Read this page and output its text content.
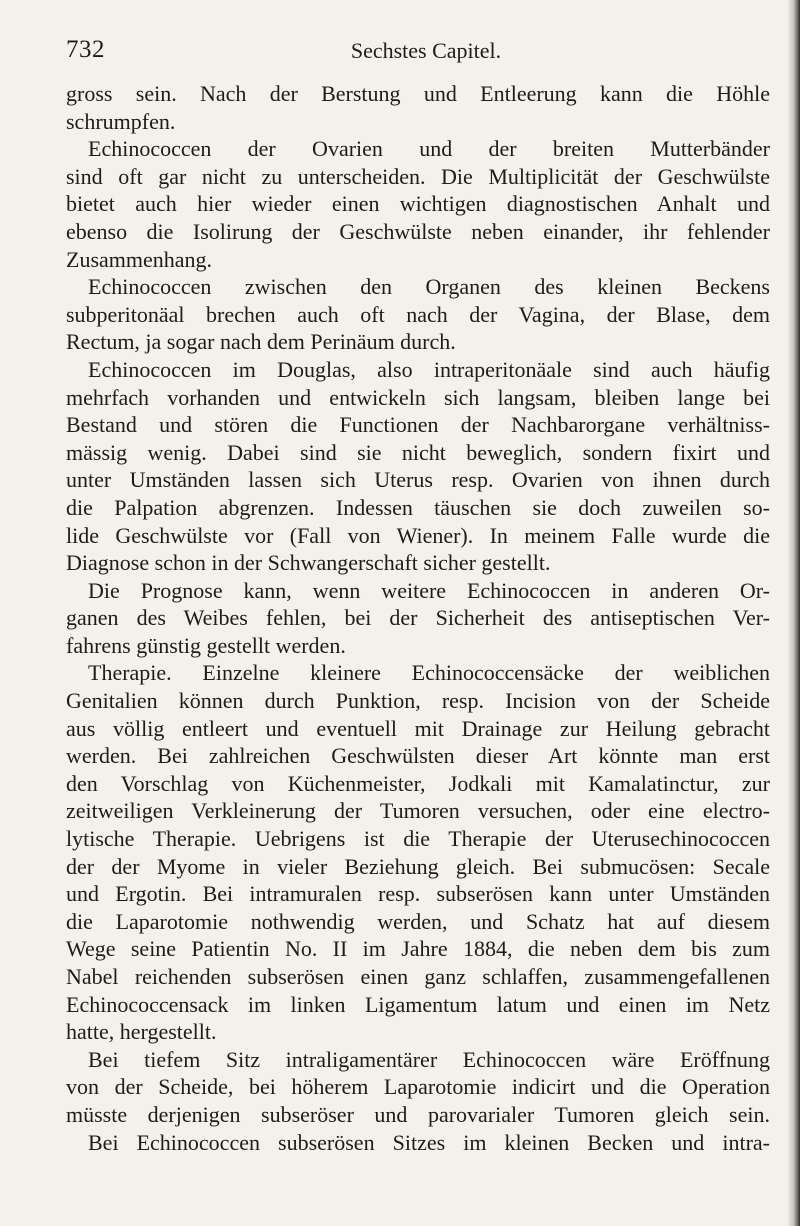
732	Sechstes Capitel.
gross sein. Nach der Berstung und Entleerung kann die Höhle
schrumpfen.
Echinococcen der Ovarien und der breiten Mutterbänder
sind oft gar nicht zu unterscheiden. Die Multiplicität der Geschwülste
bietet auch hier wieder einen wichtigen diagnostischen Anhalt und
ebenso die Isolirung der Geschwülste neben einander, ihr fehlender
Zusammenhang.
Echinococcen zwischen den Organen des kleinen Beckens
subperitonäal brechen auch oft nach der Vagina, der Blase, dem
Rectum, ja sogar nach dem Perinäum durch.
Echinococcen im Douglas, also intraperitonäale sind auch häufig
mehrfach vorhanden und entwickeln sich langsam, bleiben lange bei
Bestand und stören die Functionen der Nachbarorgane verhältniss-
mässig wenig. Dabei sind sie nicht beweglich, sondern fixirt und
unter Umständen lassen sich Uterus resp. Ovarien von ihnen durch
die Palpation abgrenzen. Indessen täuschen sie doch zuweilen so-
lide Geschwülste vor (Fall von Wiener). In meinem Falle wurde die
Diagnose schon in der Schwangerschaft sicher gestellt.
Die Prognose kann, wenn weitere Echinococcen in anderen Or-
ganen des Weibes fehlen, bei der Sicherheit des antiseptischen Ver-
fahrens günstig gestellt werden.
Therapie. Einzelne kleinere Echinococcensäcke der weiblichen
Genitalien können durch Punktion, resp. Incision von der Scheide
aus völlig entleert und eventuell mit Drainage zur Heilung gebracht
werden. Bei zahlreichen Geschwülsten dieser Art könnte man erst
den Vorschlag von Küchenmeister, Jodkali mit Kamalatinctur, zur
zeitweiligen Verkleinerung der Tumoren versuchen, oder eine electro-
lytische Therapie. Uebrigens ist die Therapie der Uterusechinococcen
der der Myome in vieler Beziehung gleich. Bei submucösen: Secale
und Ergotin. Bei intramuralen resp. subserösen kann unter Umständen
die Laparotomie nothwendig werden, und Schatz hat auf diesem
Wege seine Patientin No. II im Jahre 1884, die neben dem bis zum
Nabel reichenden subserösen einen ganz schlaffen, zusammengefallenen
Echinococcensack im linken Ligamentum latum und einen im Netz
hatte, hergestellt.
Bei tiefem Sitz intraligamentärer Echinococcen wäre Eröffnung
von der Scheide, bei höherem Laparotomie indicirt und die Operation
müsste derjenigen subseröser und parovarialer Tumoren gleich sein.
Bei Echinococcen subserösen Sitzes im kleinen Becken und intra-
